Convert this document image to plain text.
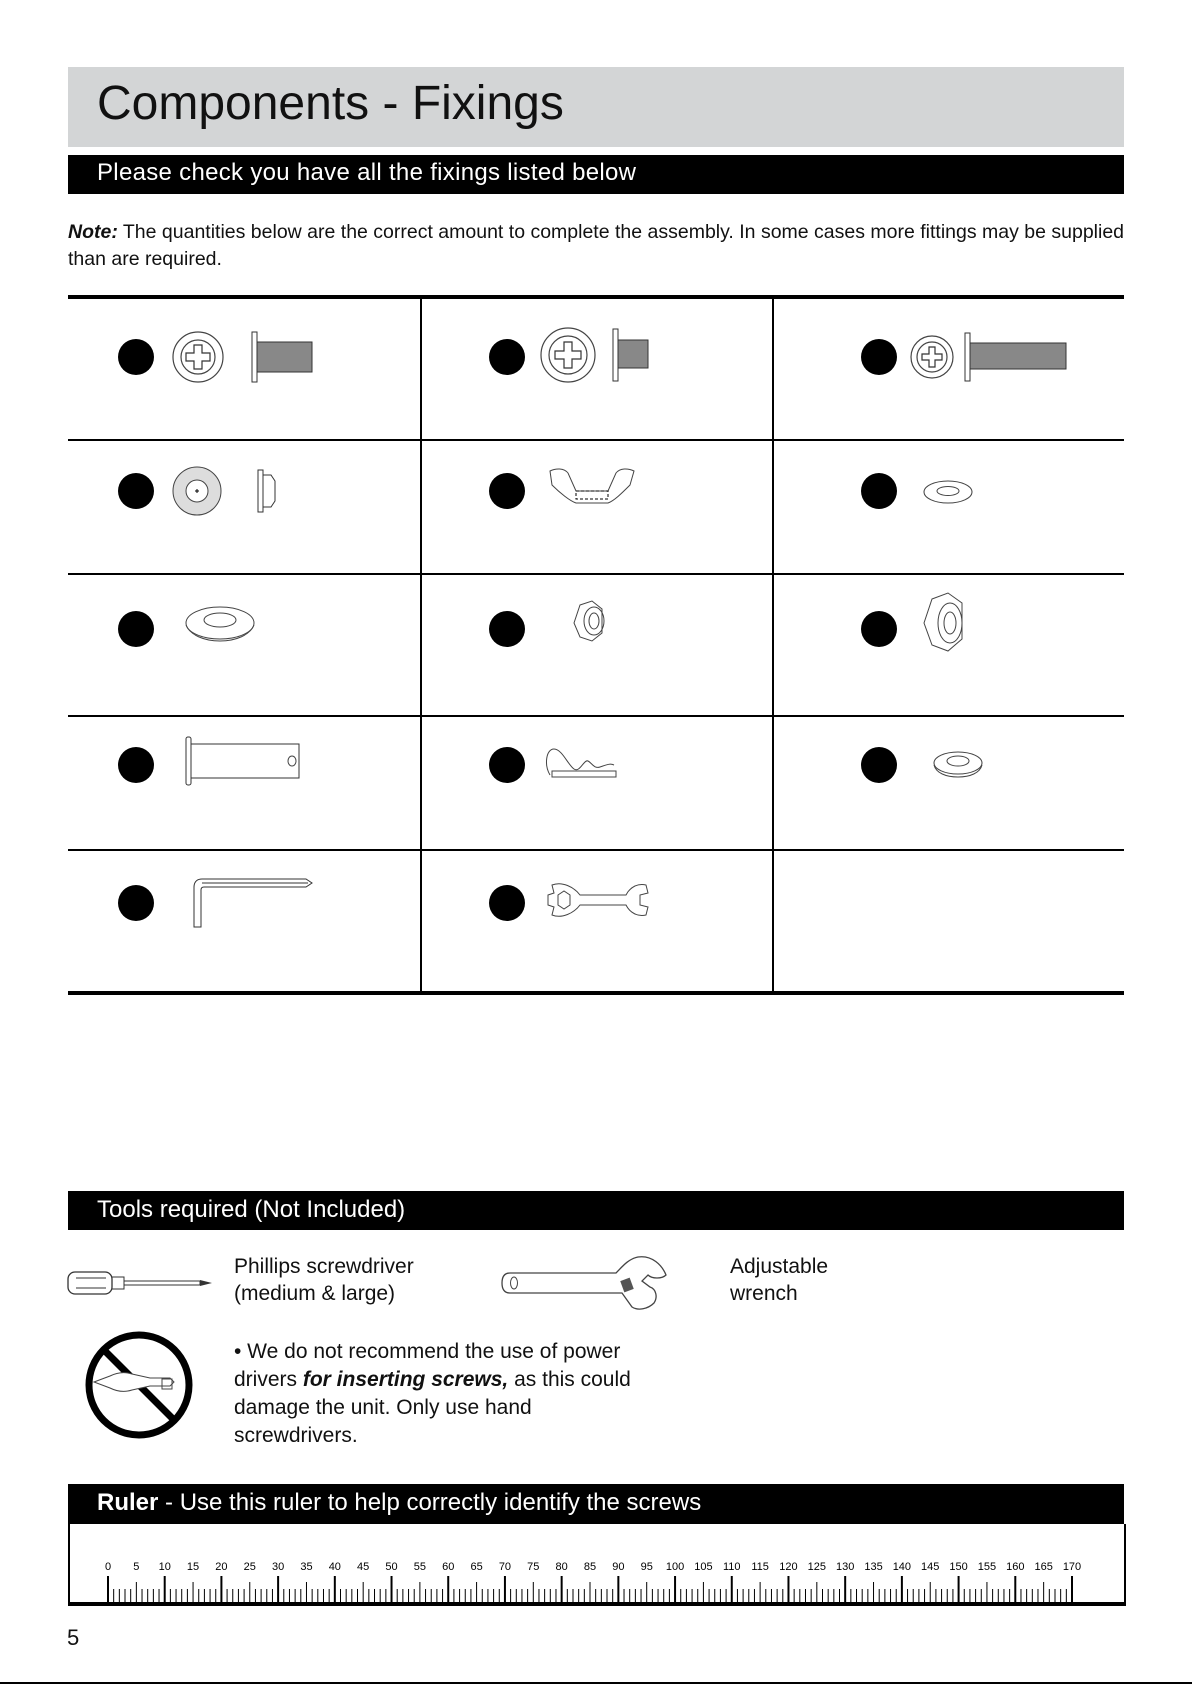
Components - Fixings
Please check you have all the fixings listed below
Note: The quantities below are the correct amount to complete the assembly. In some cases more fittings may be supplied than are required.
Tools required (Not Included)
Phillips screwdriver
(medium & large)
Adjustable
wrench
• We do not recommend the use of power drivers for inserting screws, as this could damage the unit. Only use hand screwdrivers.
Ruler - Use this ruler to help correctly identify the screws
0 5 10 15 20 25 30 35 40 45 50 55 60 65 70 75 80 85 90 95 100 105 110 115 120 125 130 135 140 145 150 155 160 165 170
5
